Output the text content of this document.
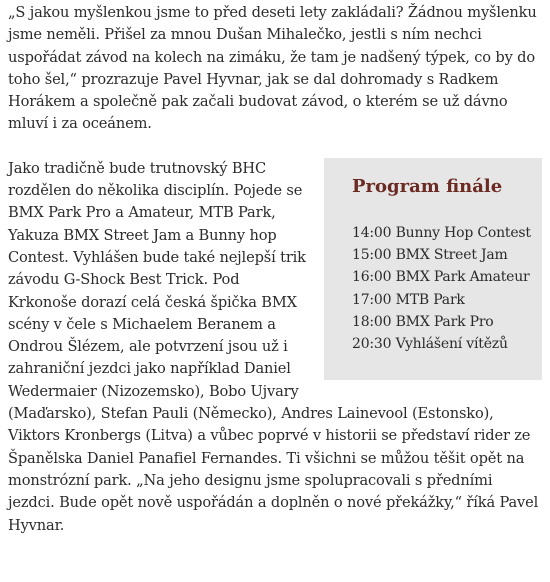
„S jakou myšlenkou jsme to před deseti lety zakládali? Žádnou myšlenku jsme neměli. Přišel za mnou Dušan Mihalečko, jestli s ním nechci uspořádat závod na kolech na zimáku, že tam je nadšený týpek, co by do toho šel,“ prozrazuje Pavel Hyvnar, jak se dal dohromady s Radkem Horákem a společně pak začali budovat závod, o kterém se už dávno mluví i za oceánem.

Program finále
14:00 Bunny Hop Contest
15:00 BMX Street Jam
16:00 BMX Park Amateur
17:00 MTB Park
18:00 BMX Park Pro
20:30 Vyhlášení vítězů

Jako tradičně bude trutnovský BHC rozdělen do několika disciplín. Pojede se BMX Park Pro a Amateur, MTB Park, Yakuza BMX Street Jam a Bunny hop Contest. Vyhlášen bude také nejlepší trik závodu G-Shock Best Trick. Pod Krkonoše dorazí celá česká špička BMX scény v čele s Michaelem Beranem a Ondrou Šlézem, ale potvrzení jsou už i zahraniční jezdci jako například Daniel Wedermaier (Nizozemsko), Bobo Ujvary (Maďarsko), Stefan Pauli (Německo), Andres Lainevool (Estonsko), Viktors Kronbergs (Litva) a vůbec poprvé v historii se představí rider ze Španělska Daniel Panafiel Fernandes. Ti všichni se můžou těšit opět na monstrózní park. „Na jeho designu jsme spolupracovali s předními jezdci. Bude opět nově uspořádán a doplněn o nové překážky,“ říká Pavel Hyvnar.
